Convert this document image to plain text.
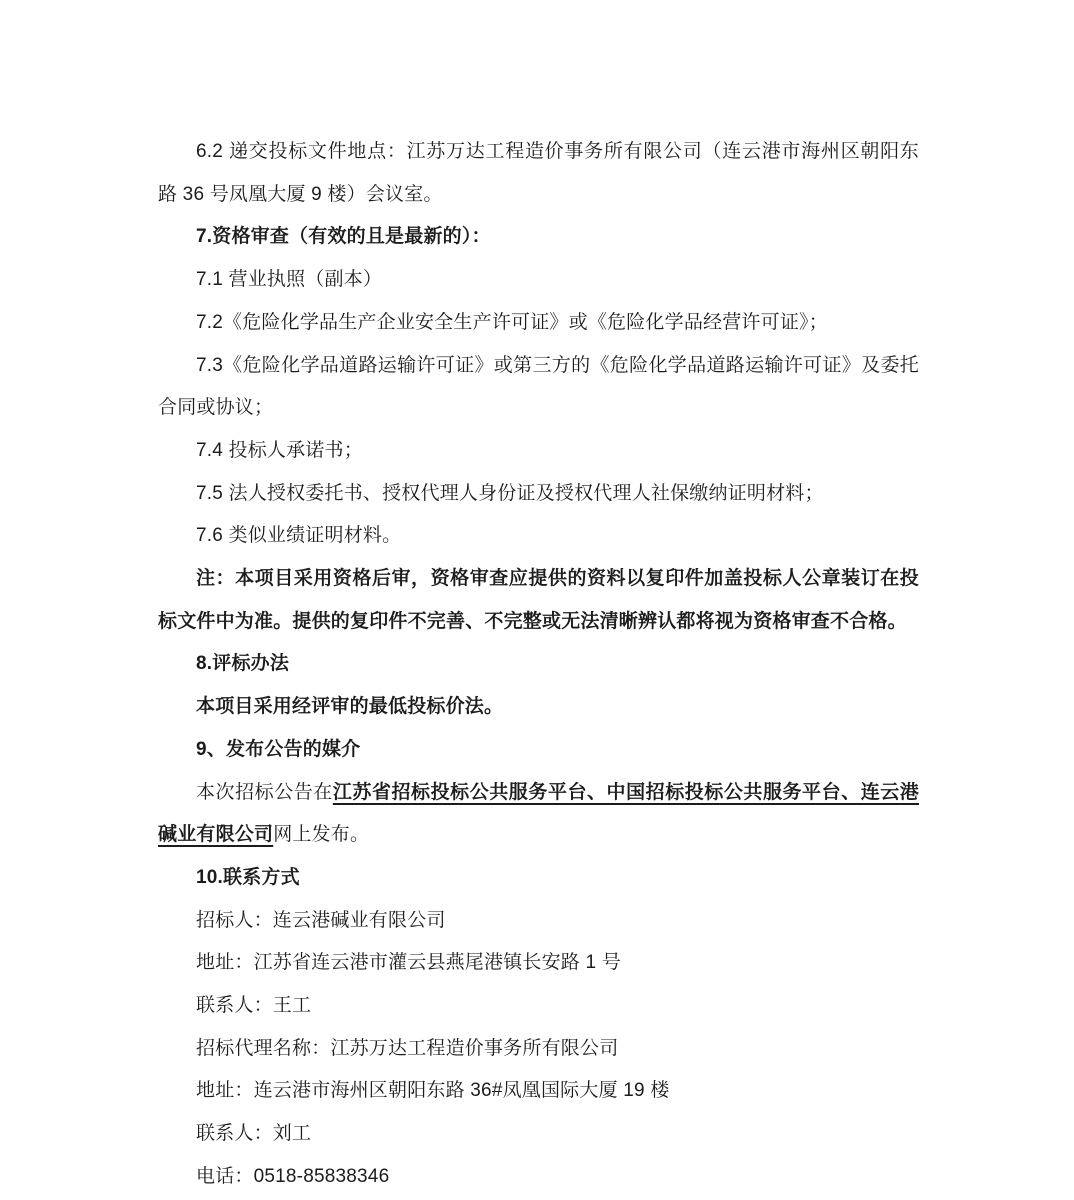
6.2 递交投标文件地点：江苏万达工程造价事务所有限公司（连云港市海州区朝阳东路 36 号凤凰大厦 9 楼）会议室。

7.资格审查（有效的且是最新的）：

7.1 营业执照（副本）

7.2《危险化学品生产企业安全生产许可证》或《危险化学品经营许可证》；

7.3《危险化学品道路运输许可证》或第三方的《危险化学品道路运输许可证》及委托合同或协议；

7.4 投标人承诺书；

7.5 法人授权委托书、授权代理人身份证及授权代理人社保缴纳证明材料；

7.6 类似业绩证明材料。

注：本项目采用资格后审，资格审查应提供的资料以复印件加盖投标人公章装订在投标文件中为准。提供的复印件不完善、不完整或无法清晰辨认都将视为资格审查不合格。

8.评标办法

本项目采用经评审的最低投标价法。

9、发布公告的媒介

本次招标公告在江苏省招标投标公共服务平台、中国招标投标公共服务平台、连云港碱业有限公司网上发布。

10.联系方式

招标人：连云港碱业有限公司

地址：江苏省连云港市灌云县燕尾港镇长安路 1 号

联系人：王工

招标代理名称：江苏万达工程造价事务所有限公司

地址：连云港市海州区朝阳东路 36#凤凰国际大厦 19 楼

联系人：刘工

电话：0518-85838346
